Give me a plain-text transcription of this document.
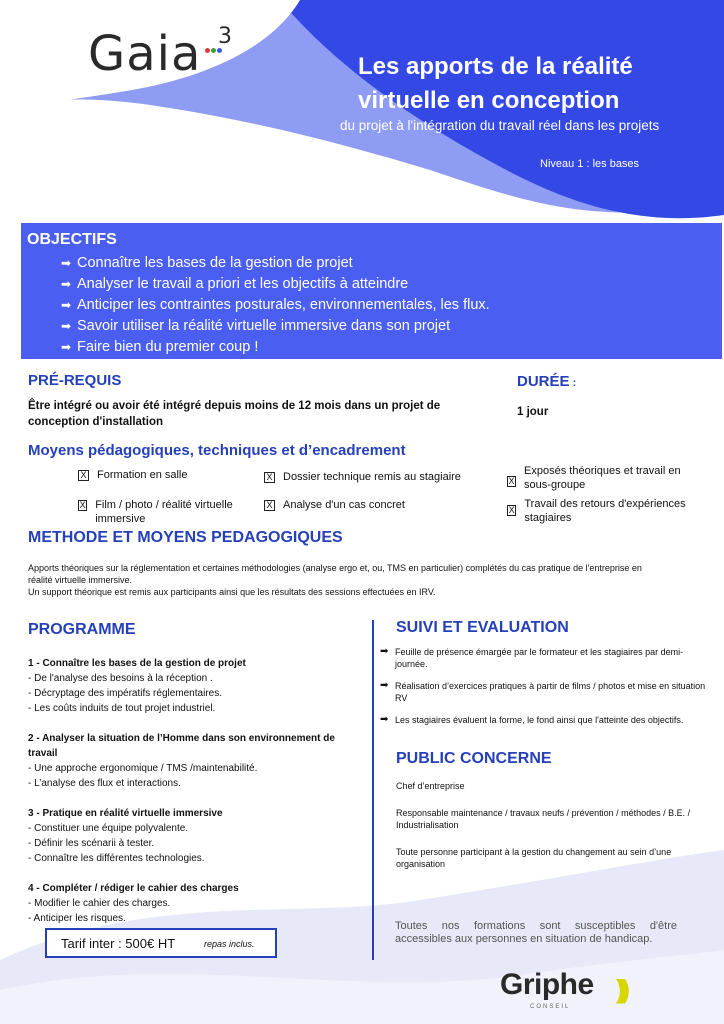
Gaia 3
Les apports de la réalité virtuelle en conception
du projet à l'intégration du travail réel dans les projets
Niveau 1 : les bases
OBJECTIFS
➡ Connaître les bases de la gestion de projet
➡ Analyser le travail a priori et les objectifs à atteindre
➡ Anticiper les contraintes posturales, environnementales, les flux.
➡ Savoir utiliser la réalité virtuelle immersive dans son projet
➡ Faire bien du premier coup !
PRÉ-REQUIS
Être intégré ou avoir été intégré depuis moins de 12 mois dans un projet de conception d'installation
DURÉE :
1 jour
Moyens pédagogiques, techniques et d’encadrement
X Formation en salle
X Film / photo / réalité virtuelle immersive
X Dossier technique remis au stagiaire
X Analyse d'un cas concret
X
Exposés théoriques et travail en sous-groupe
X Travail des retours d'expériences stagiaires
METHODE ET MOYENS PEDAGOGIQUES
Apports théoriques sur la réglementation et certaines méthodologies (analyse ergo et, ou, TMS en particulier) complétés du cas pratique de l'entreprise en réalité virtuelle immersive.
Un support théorique est remis aux participants ainsi que les résultats des sessions effectuées en IRV.
PROGRAMME
1 - Connaître les bases de la gestion de projet
- De l'analyse des besoins à la réception .
- Décryptage des impératifs réglementaires.
- Les coûts induits de tout projet industriel.
2 - Analyser la situation de l’Homme dans son environnement de travail
- Une approche ergonomique / TMS /maintenabilité.
- L’analyse des flux et interactions.
3 - Pratique en réalité virtuelle immersive
- Constituer une équipe polyvalente.
- Définir les scénarii à tester.
- Connaître les différentes technologies.
4 - Compléter / rédiger le cahier des charges
- Modifier le cahier des charges.
- Anticiper les risques.
SUIVI ET EVALUATION
➡ Feuille de présence émargée par le formateur et les stagiaires par demi-journée.
➡ Réalisation d’exercices pratiques à partir de films / photos et mise en situation RV
➡ Les stagiaires évaluent la forme, le fond ainsi que l'atteinte des objectifs.
PUBLIC CONCERNE

Chef d’entreprise

Responsable maintenance / travaux neufs / prévention / méthodes / B.E. / Industrialisation

Toute personne participant à la gestion du changement au sein d’une organisation

Tarif inter : 500€ HT	repas inclus.
Toutes nos formations sont susceptibles d'être accessibles aux personnes en situation de handicap.
Griphe )))
CONSEIL
